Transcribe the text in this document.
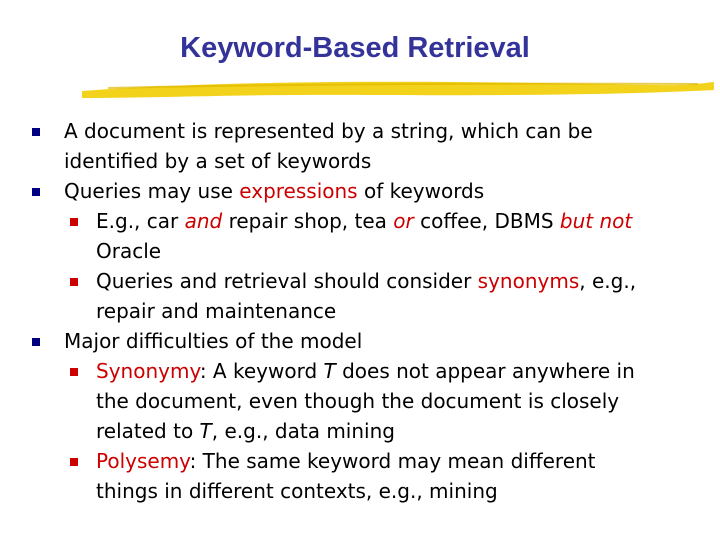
Keyword-Based Retrieval
A document is represented by a string, which can be
identified by a set of keywords
Queries may use expressions of keywords
E.g., car and repair shop, tea or coffee, DBMS but not
Oracle
Queries and retrieval should consider synonyms, e.g.,
repair and maintenance
Major difficulties of the model
Synonymy: A keyword T does not appear anywhere in
the document, even though the document is closely
related to T, e.g., data mining
Polysemy: The same keyword may mean different
things in different contexts, e.g., mining
